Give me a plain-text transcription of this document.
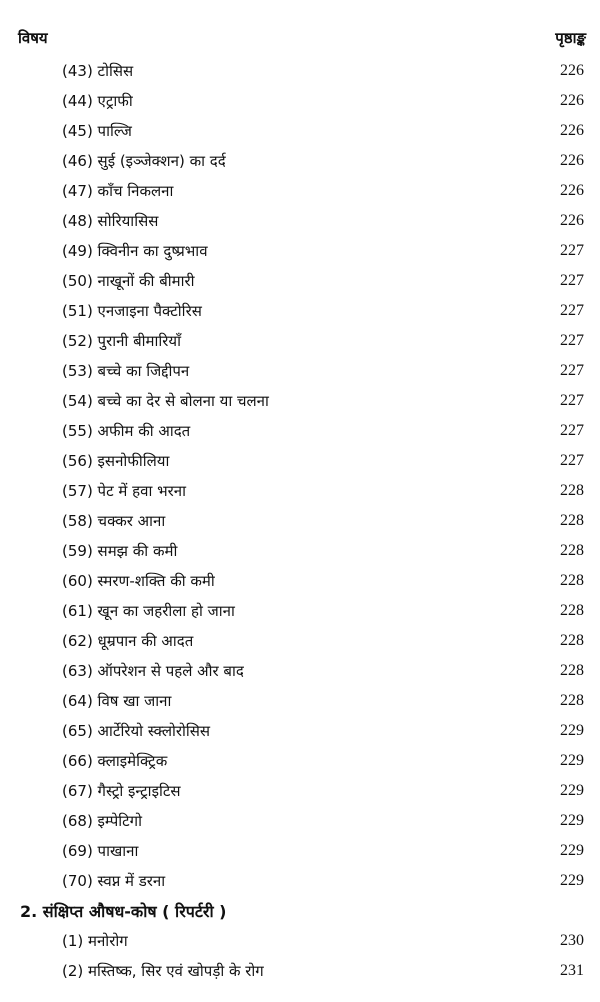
विषय	पृष्ठाङ्क
(43) टोसिस	226
(44) एट्राफी	226
(45) पाल्जि	226
(46) सुई (इञ्जेक्शन) का दर्द	226
(47) काँच निकलना	226
(48) सोरियासिस	226
(49) क्विनीन का दुष्प्रभाव	227
(50) नाखूनों की बीमारी	227
(51) एनजाइना पैक्टोरिस	227
(52) पुरानी बीमारियाँ	227
(53) बच्चे का जिद्दीपन	227
(54) बच्चे का देर से बोलना या चलना	227
(55) अफीम की आदत	227
(56) इसनोफीलिया	227
(57) पेट में हवा भरना	228
(58) चक्कर आना	228
(59) समझ की कमी	228
(60) स्मरण-शक्ति की कमी	228
(61) खून का जहरीला हो जाना	228
(62) धूम्रपान की आदत	228
(63) ऑपरेशन से पहले और बाद	228
(64) विष खा जाना	228
(65) आर्टेरियो स्क्लोरोसिस	229
(66) क्लाइमेक्ट्रिक	229
(67) गैस्ट्रो इन्ट्राइटिस	229
(68) इम्पेटिगो	229
(69) पाखाना	229
(70) स्वप्न में डरना	229
2. संक्षिप्त औषध-कोष ( रिपर्टरी )
(1) मनोरोग	230
(2) मस्तिष्क, सिर एवं खोपड़ी के रोग	231
